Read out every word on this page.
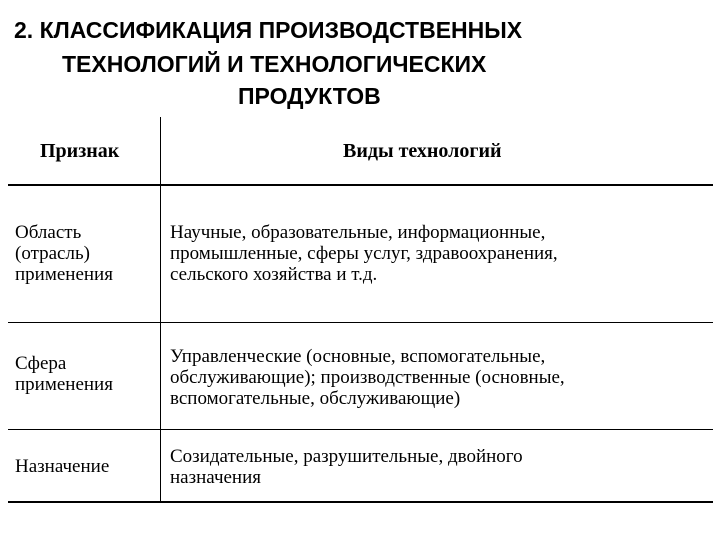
2. КЛАССИФИКАЦИЯ ПРОИЗВОДСТВЕННЫХ
ТЕХНОЛОГИЙ И ТЕХНОЛОГИЧЕСКИХ
ПРОДУКТОВ
Признак	Виды технологий
Область
(отрасль)
применения
Научные, образовательные, информационные,
промышленные, сферы услуг, здравоохранения,
сельского хозяйства и т.д.
Сфера
применения
Управленческие (основные, вспомогательные,
обслуживающие); производственные (основные,
вспомогательные, обслуживающие)
Назначение	Созидательные, разрушительные, двойного
назначения
